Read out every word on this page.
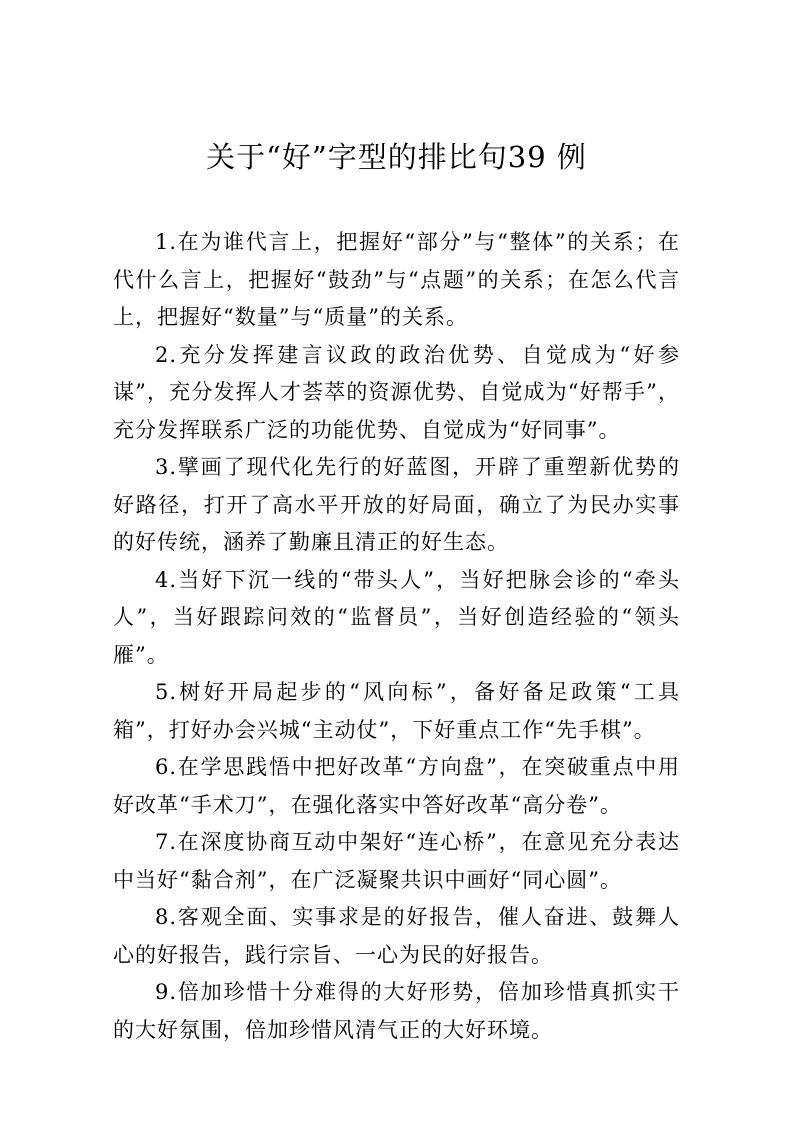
关于“好”字型的排比句39 例

1.在为谁代言上，把握好“部分”与“整体”的关系；在代什么言上，把握好“鼓劲”与“点题”的关系；在怎么代言上，把握好“数量”与“质量”的关系。

2.充分发挥建言议政的政治优势、自觉成为“好参谋”，充分发挥人才荟萃的资源优势、自觉成为“好帮手”，充分发挥联系广泛的功能优势、自觉成为“好同事”。

3.擘画了现代化先行的好蓝图，开辟了重塑新优势的好路径，打开了高水平开放的好局面，确立了为民办实事的好传统，涵养了勤廉且清正的好生态。

4.当好下沉一线的“带头人”，当好把脉会诊的“牵头人”，当好跟踪问效的“监督员”，当好创造经验的“领头雁”。

5.树好开局起步的“风向标”，备好备足政策“工具箱”，打好办会兴城“主动仗”，下好重点工作“先手棋”。

6.在学思践悟中把好改革“方向盘”，在突破重点中用好改革“手术刀”，在强化落实中答好改革“高分卷”。

7.在深度协商互动中架好“连心桥”，在意见充分表达中当好“黏合剂”，在广泛凝聚共识中画好“同心圆”。

8.客观全面、实事求是的好报告，催人奋进、鼓舞人心的好报告，践行宗旨、一心为民的好报告。

9.倍加珍惜十分难得的大好形势，倍加珍惜真抓实干的大好氛围，倍加珍惜风清气正的大好环境。
